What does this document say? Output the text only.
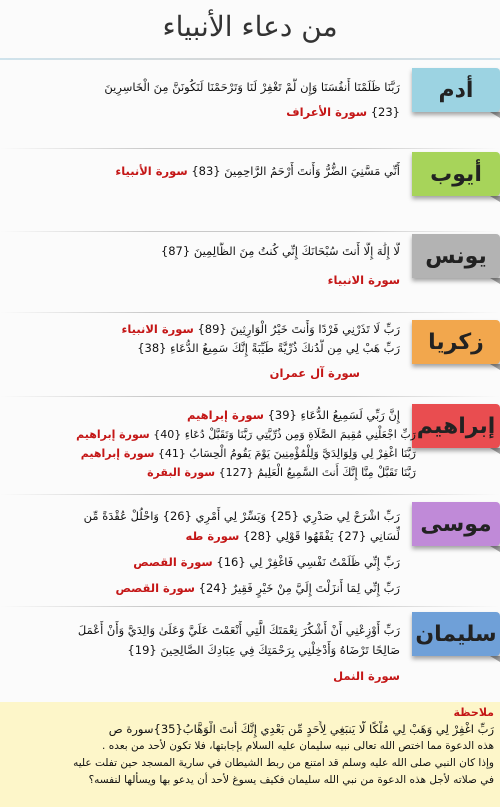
من دعاء الأنبياء
أدم
رَبَّنَا ظَلَمْنَا أَنفُسَنَا وَإِن لَّمْ تَغْفِرْ لَنَا وَتَرْحَمْنَا لَنَكُونَنَّ مِنَ الْخَاسِرِينَ
{23} سورة الأعراف
أيوب
أَنِّي مَسَّنِيَ الضُّرُّ وَأَنتَ أَرْحَمُ الرَّاحِمِينَ {83} سورة الأنبياء
يونس
لَّا إِلَٰهَ إِلَّا أَنتَ سُبْحَانَكَ إِنِّي كُنتُ مِنَ الظَّالِمِينَ {87}
سورة الانبياء
زكريا
رَبِّ لَا تَذَرْنِي فَرْدًا وَأَنتَ خَيْرُ الْوَارِثِينَ {89} سورة الانبياء
رَبِّ هَبْ لِي مِن لَّدُنكَ ذُرِّيَّةً طَيِّبَةً إِنَّكَ سَمِيعُ الدُّعَاءِ {38}
سورة آل عمران
إبراهيم
إِنَّ رَبِّي لَسَمِيعُ الدُّعَاءِ {39} سورة إبراهيم
رَبِّ اجْعَلْنِي مُقِيمَ الصَّلَاةِ وَمِن ذُرِّيَّتِي رَبَّنَا وَتَقَبَّلْ دُعَاءِ {40} سورة إبراهيم
رَبَّنَا اغْفِرْ لِي وَلِوَالِدَيَّ وَلِلْمُؤْمِنِينَ يَوْمَ يَقُومُ الْحِسَابُ {41} سورة إبراهيم
رَبَّنَا تَقَبَّلْ مِنَّا إِنَّكَ أَنتَ السَّمِيعُ الْعَلِيمُ {127} سورة البقرة
موسى
رَبِّ اشْرَحْ لِي صَدْرِي {25} وَيَسِّرْ لِي أَمْرِي {26} وَاحْلُلْ عُقْدَةً مِّن
لِّسَانِي {27} يَفْقَهُوا قَوْلِي {28} سورة طه
رَبِّ إِنِّي ظَلَمْتُ نَفْسِي فَاغْفِرْ لِي {16} سورة القصص
رَبِّ إِنِّي لِمَا أَنزَلْتَ إِلَيَّ مِنْ خَيْرٍ فَقِيرٌ {24} سورة القصص
سليمان
رَبِّ أَوْزِعْنِي أَنْ أَشْكُرَ نِعْمَتَكَ الَّتِي أَنْعَمْتَ عَلَيَّ وَعَلَىٰ وَالِدَيَّ وَأَنْ أَعْمَلَ
صَالِحًا تَرْضَاهُ وَأَدْخِلْنِي بِرَحْمَتِكَ فِي عِبَادِكَ الصَّالِحِينَ {19}
سورة النمل
ملاحظة
رَبِّ اغْفِرْ لِي وَهَبْ لِي مُلْكًا لَّا يَنبَغِي لِأَحَدٍ مِّن بَعْدِي إِنَّكَ أَنتَ الْوَهَّابُ{35}سورة ص
هذه الدعوة مما اختص الله تعالى نبيه سليمان عليه السلام بإجابتها، فلا تكون لأحد من بعده .
وإذا كان النبي صلى الله عليه وسلم قد امتنع من ربط الشيطان في سارية المسجد حين تفلت عليه
في صلاته لأجل هذه الدعوة من نبي الله سليمان فكيف يسوغ لأحد أن يدعو بها ويسألها لنفسه؟
